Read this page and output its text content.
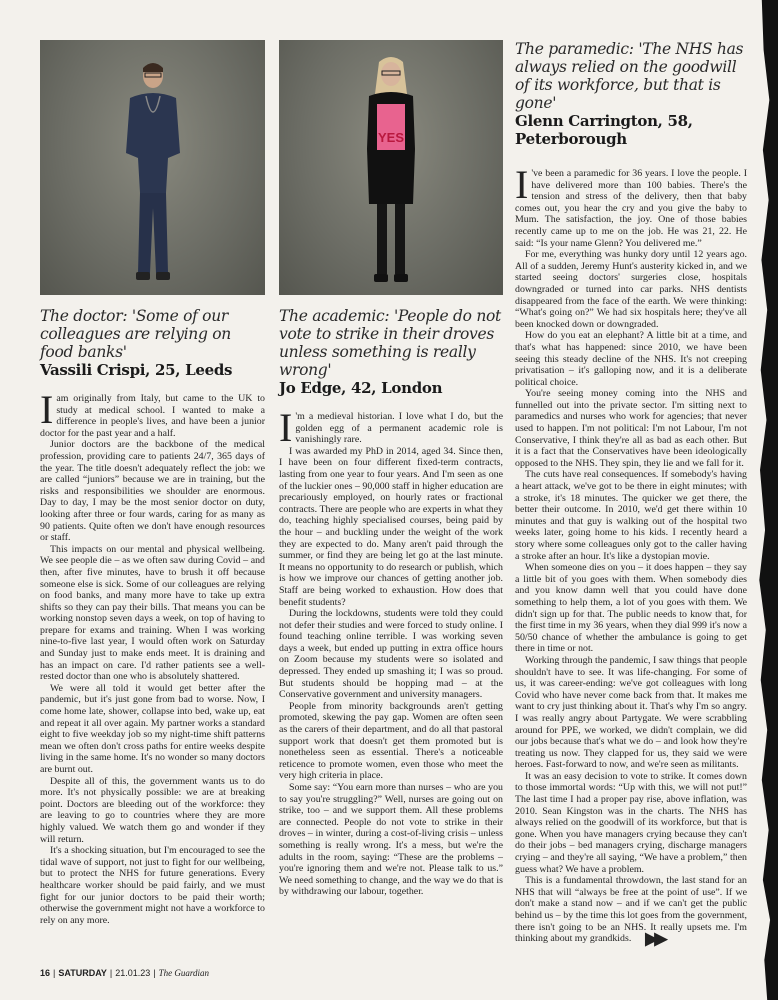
The doctor: 'Some of our colleagues are relying on food banks'
Vassili Crispi, 25, Leeds

Iam originally from Italy, but came to the UK to study at medical school. I wanted to make a difference in people's lives, and have been a junior doctor for the past year and a half.

Junior doctors are the backbone of the medical profession, providing care to patients 24/7, 365 days of the year. The title doesn't adequately reflect the job: we are called “juniors” because we are in training, but the risks and responsibilities we shoulder are enormous. Day to day, I may be the most senior doctor on duty, looking after three or four wards, caring for as many as 90 patients. Quite often we don't have enough resources or staff.

This impacts on our mental and physical wellbeing. We see people die – as we often saw during Covid – and then, after five minutes, have to brush it off because someone else is sick. Some of our colleagues are relying on food banks, and many more have to take up extra shifts so they can pay their bills. That means you can be working nonstop seven days a week, on top of having to prepare for exams and training. When I was working nine-to-five last year, I would often work on Saturday and Sunday just to make ends meet. It is draining and has an impact on care. I'd rather patients see a well-rested doctor than one who is absolutely shattered.

We were all told it would get better after the pandemic, but it's just gone from bad to worse. Now, I come home late, shower, collapse into bed, wake up, eat and repeat it all over again. My partner works a standard eight to five weekday job so my night-time shift patterns mean we often don't cross paths for entire weeks despite living in the same home. It's no wonder so many doctors are burnt out.

Despite all of this, the government wants us to do more. It's not physically possible: we are at breaking point. Doctors are bleeding out of the workforce: they are leaving to go to countries where they are more highly valued. We watch them go and wonder if they will return.

It's a shocking situation, but I'm encouraged to see the tidal wave of support, not just to fight for our wellbeing, but to protect the NHS for future generations. Every healthcare worker should be paid fairly, and we must fight for our junior doctors to be paid their worth; otherwise the government might not have a workforce to rely on any more.

YES
The academic: 'People do not vote to strike in their droves unless something is really wrong'
Jo Edge, 42, London

I 'm a medieval historian. I love what I do, but the golden egg of a permanent academic role is vanishingly rare.

I was awarded my PhD in 2014, aged 34. Since then, I have been on four different fixed-term contracts, lasting from one year to four years. And I'm seen as one of the luckier ones – 90,000 staff in higher education are precariously employed, on hourly rates or fractional contracts. There are people who are experts in what they do, teaching highly specialised courses, being paid by the hour – and buckling under the weight of the work they are expected to do. Many aren't paid through the summer, or find they are being let go at the last minute. It means no opportunity to do research or publish, which is how we improve our chances of getting another job. Staff are being worked to exhaustion. How does that benefit students?

During the lockdowns, students were told they could not defer their studies and were forced to study online. I found teaching online terrible. I was working seven days a week, but ended up putting in extra office hours on Zoom because my students were so isolated and depressed. They ended up smashing it; I was so proud. But students should be hopping mad – at the Conservative government and university managers.

People from minority backgrounds aren't getting promoted, skewing the pay gap. Women are often seen as the carers of their department, and do all that pastoral support work that doesn't get them promoted but is nonetheless seen as essential. There's a noticeable reticence to promote women, even those who meet the very high criteria in place.

Some say: “You earn more than nurses – who are you to say you're struggling?” Well, nurses are going out on strike, too – and we support them. All these problems are connected. People do not vote to strike in their droves – in winter, during a cost-of-living crisis – unless something is really wrong. It's a mess, but we're the adults in the room, saying: “These are the problems – you're ignoring them and we're not. Please talk to us.” We need something to change, and the way we do that is by withdrawing our labour, together.

The paramedic: 'The NHS has always relied on the goodwill of its workforce, but that is gone'
Glenn Carrington, 58, Peterborough

I 've been a paramedic for 36 years. I love the people. I have delivered more than 100 babies. There's the tension and stress of the delivery, then that baby comes out, you hear the cry and you give the baby to Mum. The satisfaction, the joy. One of those babies recently came up to me on the job. He was 21, 22. He said: “Is your name Glenn? You delivered me.”

For me, everything was hunky dory until 12 years ago. All of a sudden, Jeremy Hunt's austerity kicked in, and we started seeing doctors' surgeries close, hospitals downgraded or turned into car parks. NHS dentists disappeared from the face of the earth. We were thinking: “What's going on?” We had six hospitals here; they've all been knocked down or downgraded.

How do you eat an elephant? A little bit at a time, and that's what has happened: since 2010, we have been seeing this steady decline of the NHS. It's not creeping privatisation – it's galloping now, and it is a deliberate political choice.

You're seeing money coming into the NHS and funnelled out into the private sector. I'm sitting next to paramedics and nurses who work for agencies; that never used to happen. I'm not political: I'm not Labour, I'm not Conservative, I think they're all as bad as each other. But it is a fact that the Conservatives have been ideologically opposed to the NHS. They spin, they lie and we fall for it.

The cuts have real consequences. If somebody's having a heart attack, we've got to be there in eight minutes; with a stroke, it's 18 minutes. The quicker we get there, the better their outcome. In 2010, we'd get there within 10 minutes and that guy is walking out of the hospital two weeks later, going home to his kids. I recently heard a story where some colleagues only got to the caller having a stroke after an hour. It's like a dystopian movie.

When someone dies on you – it does happen – they say a little bit of you goes with them. When somebody dies and you know damn well that you could have done something to help them, a lot of you goes with them. We didn't sign up for that. The public needs to know that, for the first time in my 36 years, when they dial 999 it's now a 50/50 chance of whether the ambulance is going to get there in time or not.

Working through the pandemic, I saw things that people shouldn't have to see. It was life-changing. For some of us, it was career-ending: we've got colleagues with long Covid who have never come back from that. It makes me want to cry just thinking about it. That's why I'm so angry. I was really angry about Partygate. We were scrabbling around for PPE, we worked, we didn't complain, we did our jobs because that's what we do – and look how they're treating us now. They clapped for us, they said we were heroes. Fast-forward to now, and we're seen as militants.

It was an easy decision to vote to strike. It comes down to those immortal words: “Up with this, we will not put!” The last time I had a proper pay rise, above inflation, was 2010. Sean Kingston was in the charts. The NHS has always relied on the goodwill of its workforce, but that is gone. When you have managers crying because they can't do their jobs – bed managers crying, discharge managers crying – and they're all saying, “We have a problem,” then guess what? We have a problem.

This is a fundamental throwdown, the last stand for an NHS that will “always be free at the point of use”. If we don't make a stand now – and if we can't get the public behind us – by the time this lot goes from the government, there isn't going to be an NHS. It really upsets me. I'm thinking about my grandkids. ▶▶

16 | SATURDAY | 21.01.23 | The Guardian
